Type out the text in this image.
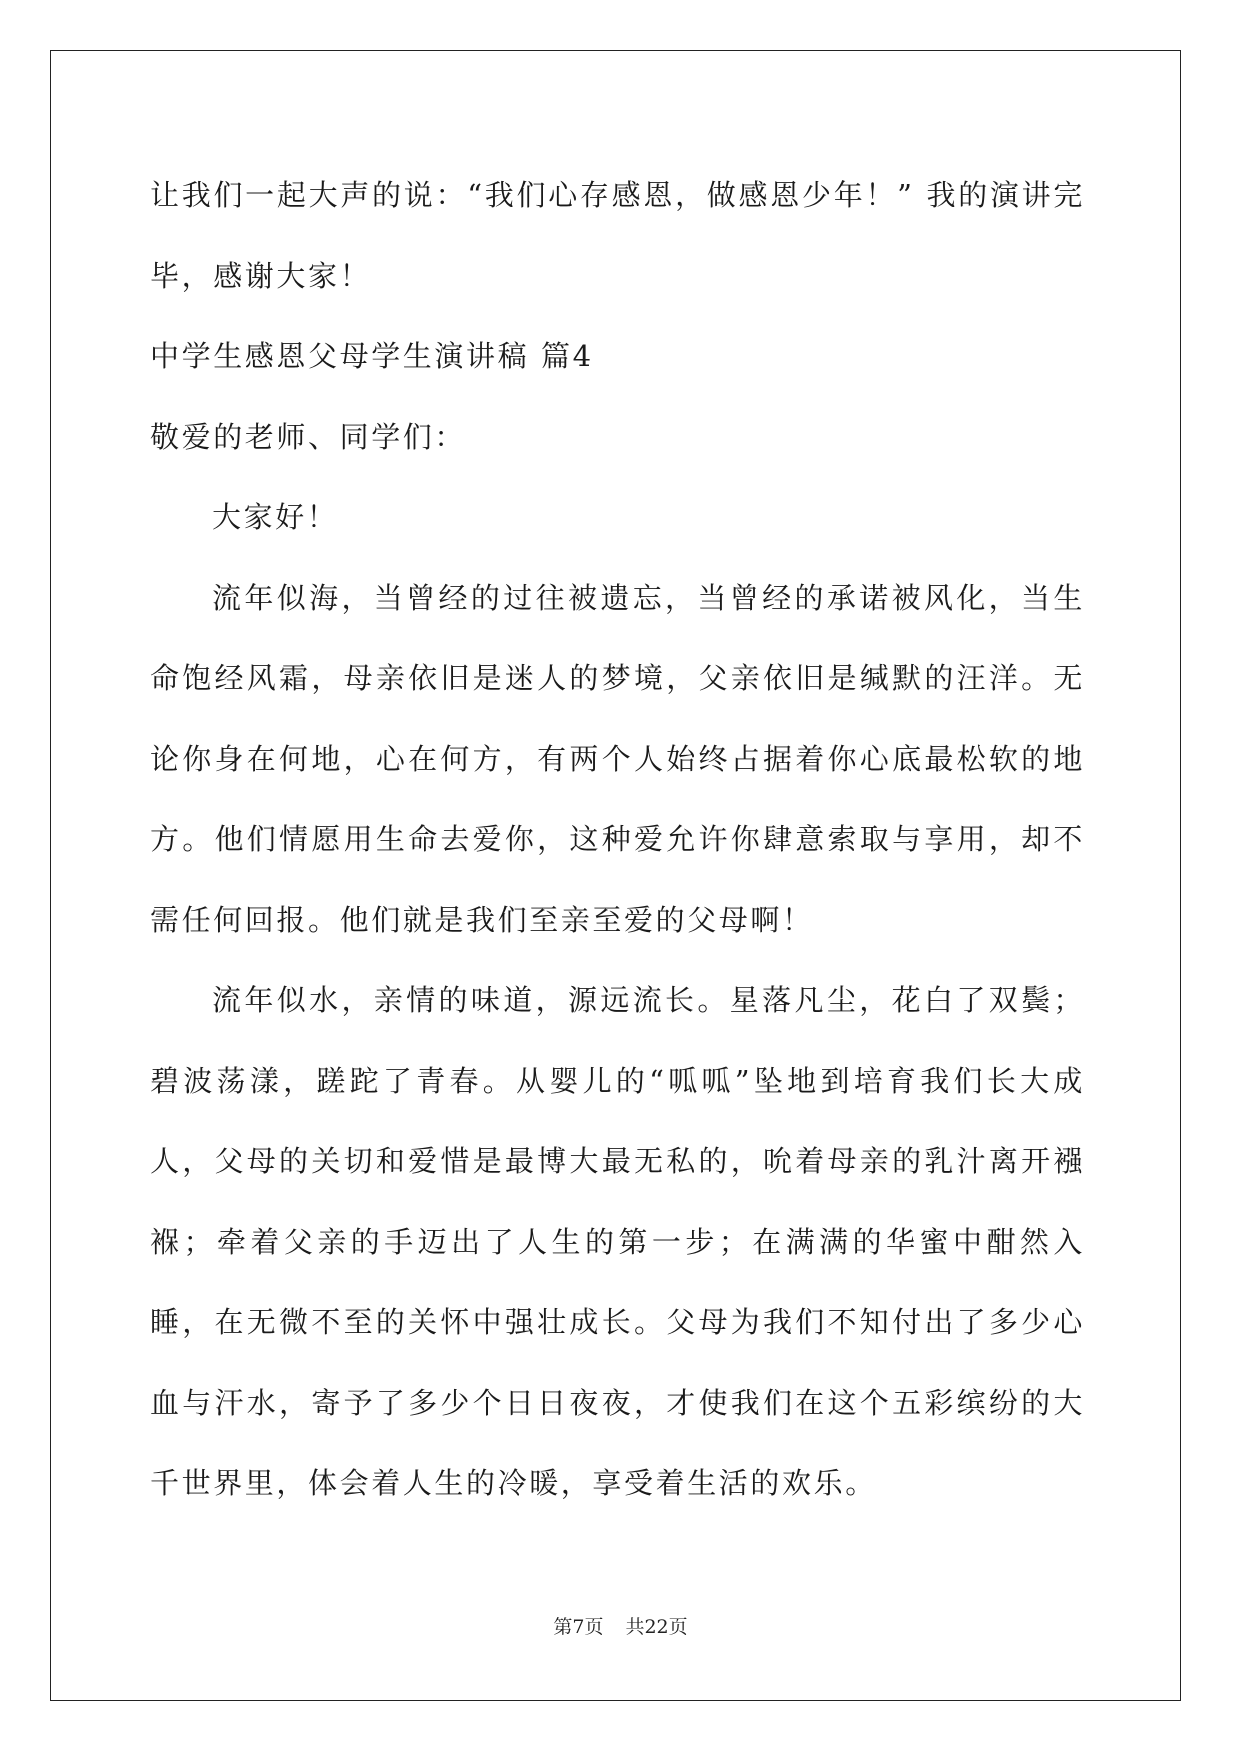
让我们一起大声的说：“我们心存感恩，做感恩少年！” 我的演讲完毕，感谢大家！

中学生感恩父母学生演讲稿 篇4

敬爱的老师、同学们：

大家好！

流年似海，当曾经的过往被遗忘，当曾经的承诺被风化，当生命饱经风霜，母亲依旧是迷人的梦境，父亲依旧是缄默的汪洋。无论你身在何地，心在何方，有两个人始终占据着你心底最松软的地方。他们情愿用生命去爱你，这种爱允许你肆意索取与享用，却不需任何回报。他们就是我们至亲至爱的父母啊！

流年似水，亲情的味道，源远流长。星落凡尘，花白了双鬓；碧波荡漾，蹉跎了青春。从婴儿的“呱呱”坠地到培育我们长大成人，父母的关切和爱惜是最博大最无私的，吮着母亲的乳汁离开襁褓；牵着父亲的手迈出了人生的第一步；在满满的华蜜中酣然入睡，在无微不至的关怀中强壮成长。父母为我们不知付出了多少心血与汗水，寄予了多少个日日夜夜，才使我们在这个五彩缤纷的大千世界里，体会着人生的冷暖，享受着生活的欢乐。

第7页 共22页
